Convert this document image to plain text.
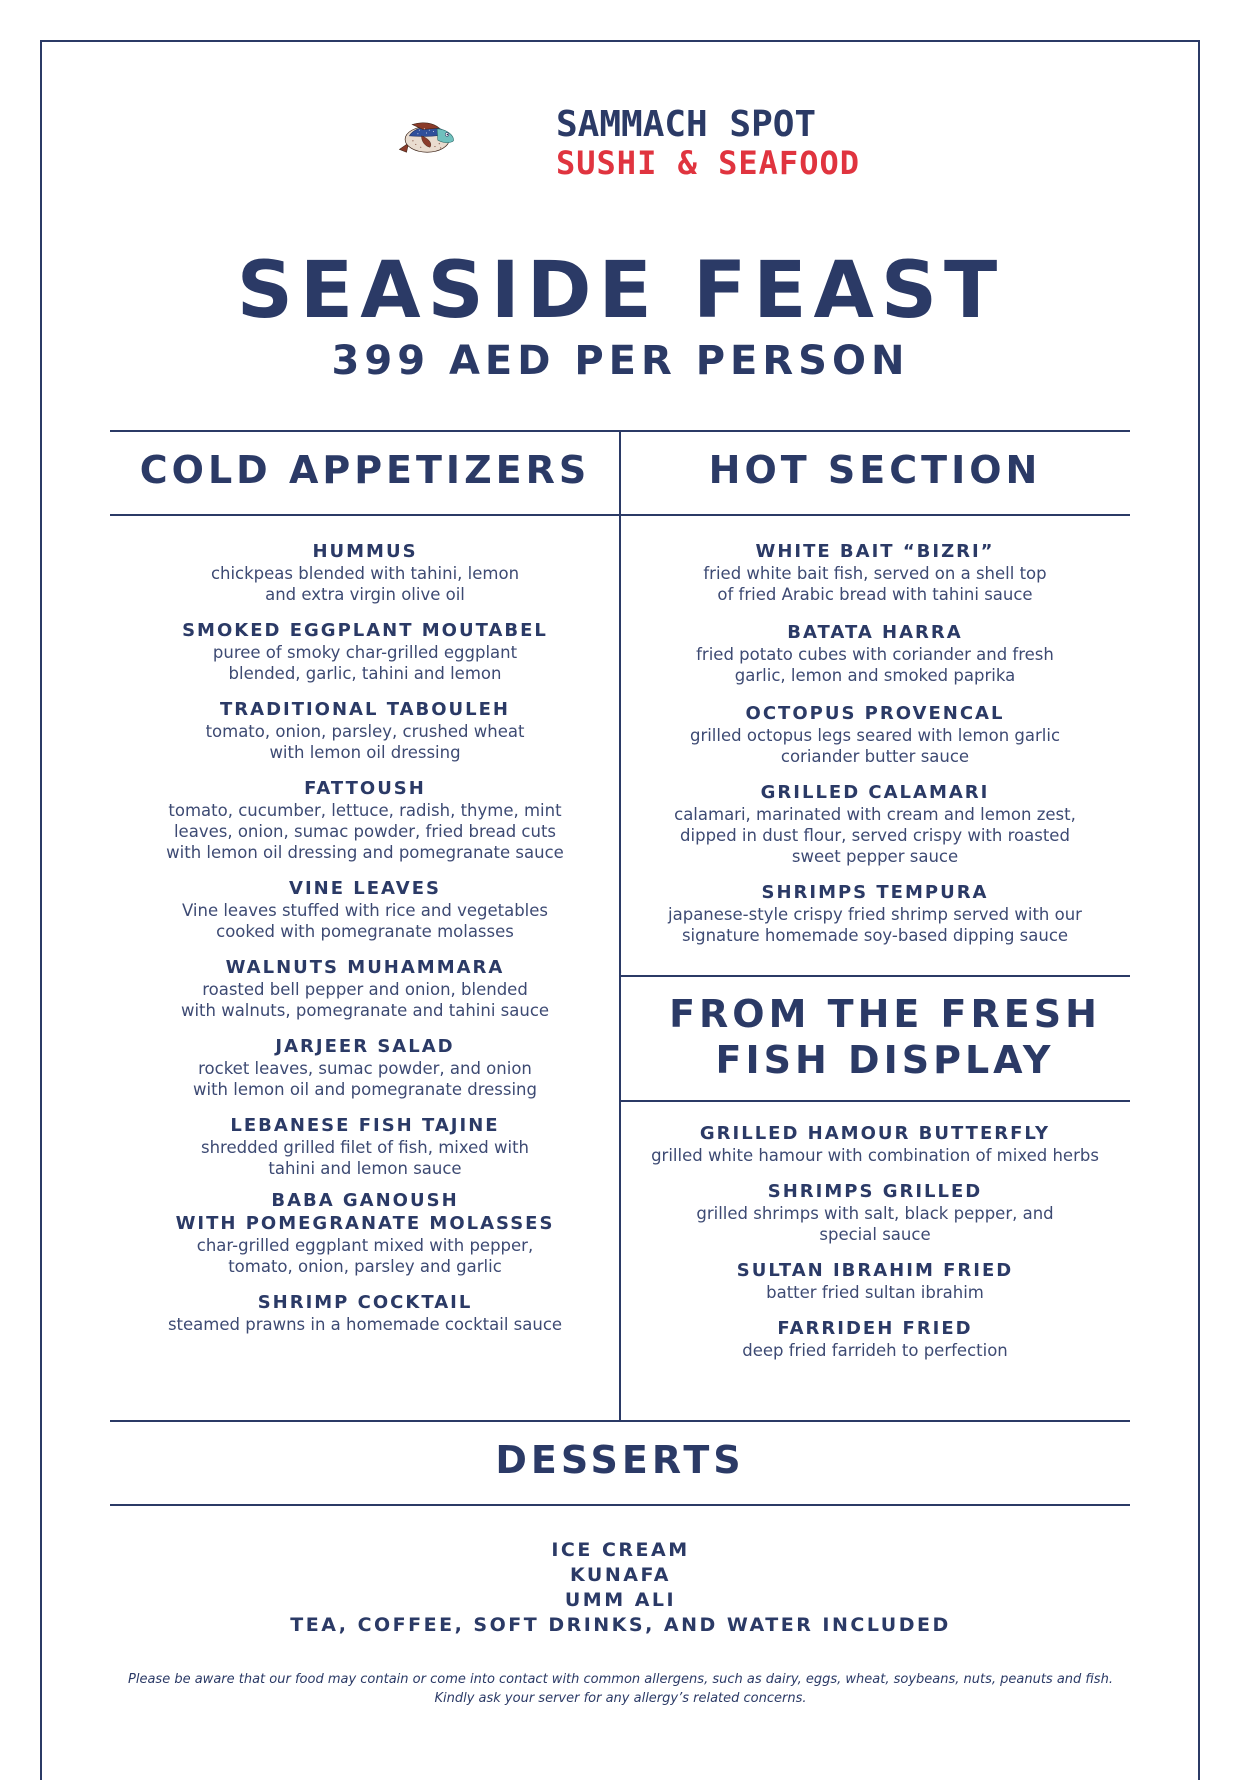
SAMMACH SPOT
SUSHI & SEAFOOD
SEASIDE FEAST
399 AED PER PERSON
COLD APPETIZERS	HOT SECTION
FROM THE FRESH FISH DISPLAY
DESSERTS
HUMMUS
chickpeas blended with tahini, lemon
and extra virgin olive oil
SMOKED EGGPLANT MOUTABEL
puree of smoky char-grilled eggplant
blended, garlic, tahini and lemon
TRADITIONAL TABOULEH
tomato, onion, parsley, crushed wheat
with lemon oil dressing
FATTOUSH
tomato, cucumber, lettuce, radish, thyme, mint
leaves, onion, sumac powder, fried bread cuts
with lemon oil dressing and pomegranate sauce
VINE LEAVES
Vine leaves stuffed with rice and vegetables
cooked with pomegranate molasses
WALNUTS MUHAMMARA
roasted bell pepper and onion, blended
with walnuts, pomegranate and tahini sauce
JARJEER SALAD
rocket leaves, sumac powder, and onion
with lemon oil and pomegranate dressing
LEBANESE FISH TAJINE
shredded grilled filet of fish, mixed with
tahini and lemon sauce
BABA GANOUSH
WITH POMEGRANATE MOLASSES
char-grilled eggplant mixed with pepper,
tomato, onion, parsley and garlic
SHRIMP COCKTAIL
steamed prawns in a homemade cocktail sauce
WHITE BAIT “BIZRI”
fried white bait fish, served on a shell top
of fried Arabic bread with tahini sauce
BATATA HARRA
fried potato cubes with coriander and fresh
garlic, lemon and smoked paprika
OCTOPUS PROVENCAL
grilled octopus legs seared with lemon garlic
coriander butter sauce
GRILLED CALAMARI
calamari, marinated with cream and lemon zest,
dipped in dust flour, served crispy with roasted
sweet pepper sauce
SHRIMPS TEMPURA
japanese-style crispy fried shrimp served with our
signature homemade soy-based dipping sauce
GRILLED HAMOUR BUTTERFLY
grilled white hamour with combination of mixed herbs
SHRIMPS GRILLED
grilled shrimps with salt, black pepper, and
special sauce
SULTAN IBRAHIM FRIED
batter fried sultan ibrahim
FARRIDEH FRIED
deep fried farrideh to perfection
ICE CREAM
KUNAFA
UMM ALI
TEA, COFFEE, SOFT DRINKS, AND WATER INCLUDED
Please be aware that our food may contain or come into contact with common allergens, such as dairy, eggs, wheat, soybeans, nuts, peanuts and fish.
Kindly ask your server for any allergy’s related concerns.
